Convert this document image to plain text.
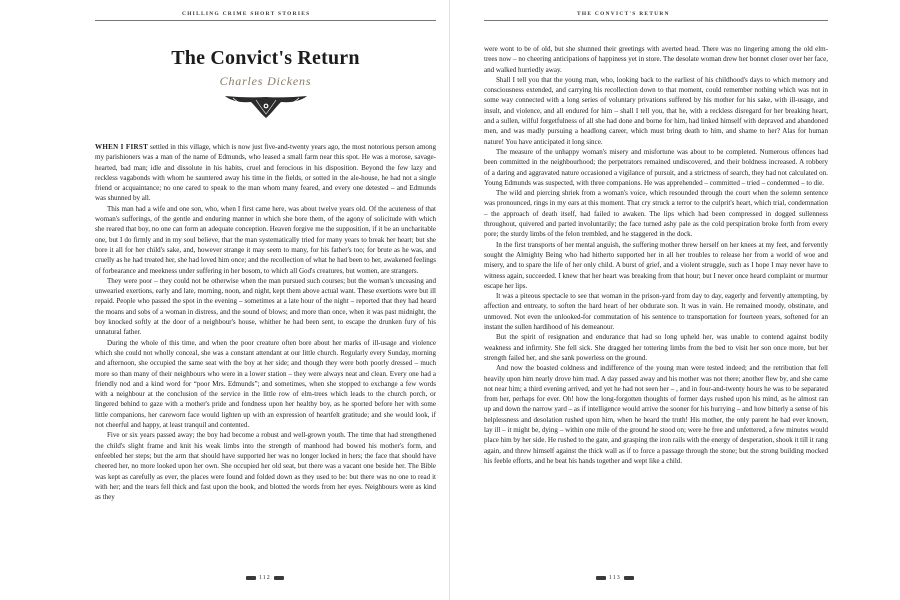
CHILLING CRIME SHORT STORIES
The Convict's Return
Charles Dickens

WHEN I FIRST settled in this village, which is now just five-and-twenty years ago, the most notorious person among my parishioners was a man of the name of Edmunds, who leased a small farm near this spot. He was a morose, savage-hearted, bad man; idle and dissolute in his habits, cruel and ferocious in his disposition. Beyond the few lazy and reckless vagabonds with whom he sauntered away his time in the fields, or sotted in the ale-house, he had not a single friend or acquaintance; no one cared to speak to the man whom many feared, and every one detested – and Edmunds was shunned by all.

This man had a wife and one son, who, when I first came here, was about twelve years old. Of the acuteness of that woman's sufferings, of the gentle and enduring manner in which she bore them, of the agony of solicitude with which she reared that boy, no one can form an adequate conception. Heaven forgive me the supposition, if it be an uncharitable one, but I do firmly and in my soul believe, that the man systematically tried for many years to break her heart; but she bore it all for her child's sake, and, however strange it may seem to many, for his father's too; for brute as he was, and cruelly as he had treated her, she had loved him once; and the recollection of what he had been to her, awakened feelings of forbearance and meekness under suffering in her bosom, to which all God's creatures, but women, are strangers.

They were poor – they could not be otherwise when the man pursued such courses; but the woman's unceasing and unwearied exertions, early and late, morning, noon, and night, kept them above actual want. These exertions were but ill repaid. People who passed the spot in the evening – sometimes at a late hour of the night – reported that they had heard the moans and sobs of a woman in distress, and the sound of blows; and more than once, when it was past midnight, the boy knocked softly at the door of a neighbour's house, whither he had been sent, to escape the drunken fury of his unnatural father.

During the whole of this time, and when the poor creature often bore about her marks of ill-usage and violence which she could not wholly conceal, she was a constant attendant at our little church. Regularly every Sunday, morning and afternoon, she occupied the same seat with the boy at her side; and though they were both poorly dressed – much more so than many of their neighbours who were in a lower station – they were always neat and clean. Every one had a friendly nod and a kind word for “poor Mrs. Edmunds”; and sometimes, when she stopped to exchange a few words with a neighbour at the conclusion of the service in the little row of elm-trees which leads to the church porch, or lingered behind to gaze with a mother's pride and fondness upon her healthy boy, as he sported before her with some little companions, her careworn face would lighten up with an expression of heartfelt gratitude; and she would look, if not cheerful and happy, at least tranquil and contented.

Five or six years passed away; the boy had become a robust and well-grown youth. The time that had strengthened the child's slight frame and knit his weak limbs into the strength of manhood had bowed his mother's form, and enfeebled her steps; but the arm that should have supported her was no longer locked in hers; the face that should have cheered her, no more looked upon her own. She occupied her old seat, but there was a vacant one beside her. The Bible was kept as carefully as ever, the places were found and folded down as they used to be: but there was no one to read it with her; and the tears fell thick and fast upon the book, and blotted the words from her eyes. Neighbours were as kind as they

112
THE CONVICT'S RETURN

were wont to be of old, but she shunned their greetings with averted head. There was no lingering among the old elm-trees now – no cheering anticipations of happiness yet in store. The desolate woman drew her bonnet closer over her face, and walked hurriedly away.

Shall I tell you that the young man, who, looking back to the earliest of his childhood's days to which memory and consciousness extended, and carrying his recollection down to that moment, could remember nothing which was not in some way connected with a long series of voluntary privations suffered by his mother for his sake, with ill-usage, and insult, and violence, and all endured for him – shall I tell you, that he, with a reckless disregard for her breaking heart, and a sullen, wilful forgetfulness of all she had done and borne for him, had linked himself with depraved and abandoned men, and was madly pursuing a headlong career, which must bring death to him, and shame to her? Alas for human nature! You have anticipated it long since.

The measure of the unhappy woman's misery and misfortune was about to be completed. Numerous offences had been committed in the neighbourhood; the perpetrators remained undiscovered, and their boldness increased. A robbery of a daring and aggravated nature occasioned a vigilance of pursuit, and a strictness of search, they had not calculated on. Young Edmunds was suspected, with three companions. He was apprehended – committed – tried – condemned – to die.

The wild and piercing shriek from a woman's voice, which resounded through the court when the solemn sentence was pronounced, rings in my ears at this moment. That cry struck a terror to the culprit's heart, which trial, condemnation – the approach of death itself, had failed to awaken. The lips which had been compressed in dogged sullenness throughout, quivered and parted involuntarily; the face turned ashy pale as the cold perspiration broke forth from every pore; the sturdy limbs of the felon trembled, and he staggered in the dock.

In the first transports of her mental anguish, the suffering mother threw herself on her knees at my feet, and fervently sought the Almighty Being who had hitherto supported her in all her troubles to release her from a world of woe and misery, and to spare the life of her only child. A burst of grief, and a violent struggle, such as I hope I may never have to witness again, succeeded. I knew that her heart was breaking from that hour; but I never once heard complaint or murmur escape her lips.

It was a piteous spectacle to see that woman in the prison-yard from day to day, eagerly and fervently attempting, by affection and entreaty, to soften the hard heart of her obdurate son. It was in vain. He remained moody, obstinate, and unmoved. Not even the unlooked-for commutation of his sentence to transportation for fourteen years, softened for an instant the sullen hardihood of his demeanour.

But the spirit of resignation and endurance that had so long upheld her, was unable to contend against bodily weakness and infirmity. She fell sick. She dragged her tottering limbs from the bed to visit her son once more, but her strength failed her, and she sank powerless on the ground.

And now the boasted coldness and indifference of the young man were tested indeed; and the retribution that fell heavily upon him nearly drove him mad. A day passed away and his mother was not there; another flew by, and she came not near him; a third evening arrived, and yet he had not seen her – , and in four-and-twenty hours he was to be separated from her, perhaps for ever. Oh! how the long-forgotten thoughts of former days rushed upon his mind, as he almost ran up and down the narrow yard – as if intelligence would arrive the sooner for his hurrying – and how bitterly a sense of his helplessness and desolation rushed upon him, when he heard the truth! His mother, the only parent he had ever known, lay ill – it might be, dying – within one mile of the ground he stood on; were he free and unfettered, a few minutes would place him by her side. He rushed to the gate, and grasping the iron rails with the energy of desperation, shook it till it rang again, and threw himself against the thick wall as if to force a passage through the stone; but the strong building mocked his feeble efforts, and he beat his hands together and wept like a child.

113
